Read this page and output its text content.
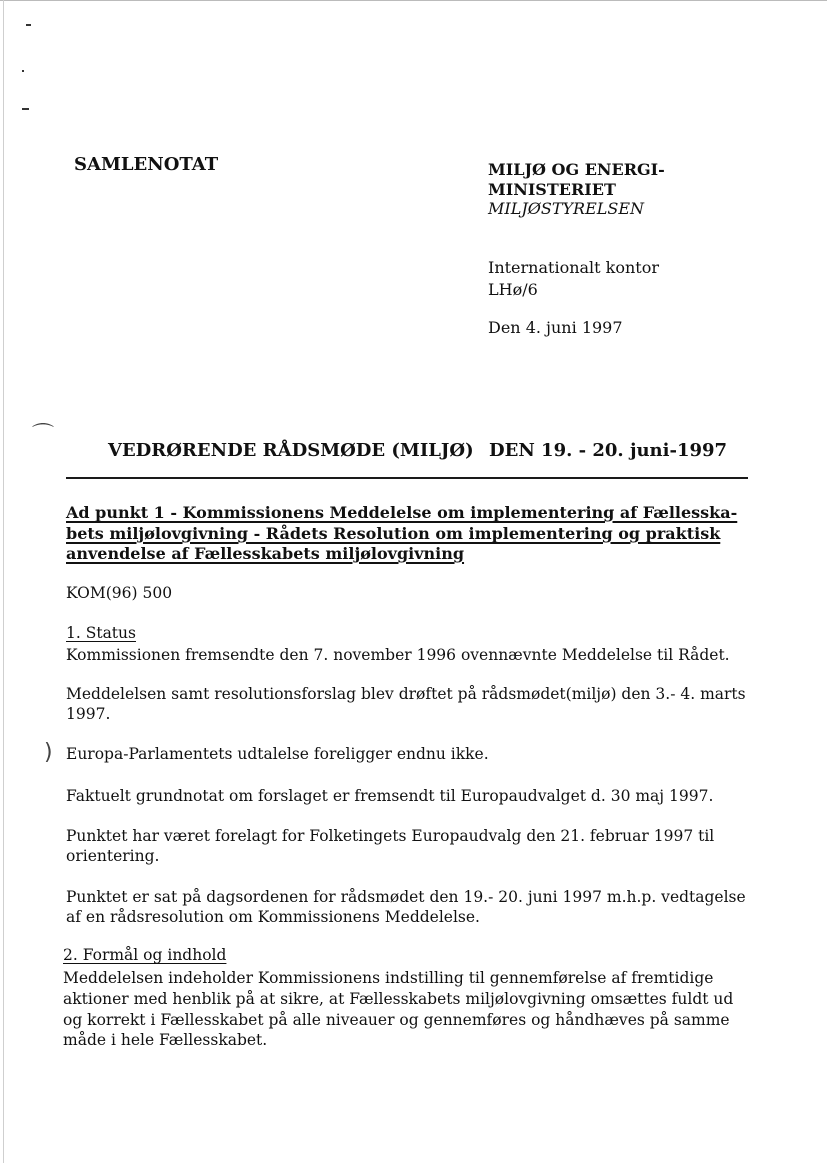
⌒
)
SAMLENOTAT	MILJØ OG ENERGI-
MINISTERIET
MILJØSTYRELSEN
Internationalt kontor
LHø/6
Den 4. juni 1997
VEDRØRENDE RÅDSMØDE (MILJØ) DEN 19. - 20. juni-1997
Ad punkt 1 - Kommissionens Meddelelse om implementering af Fællesska-
bets miljølovgivning - Rådets Resolution om implementering og praktisk
anvendelse af Fællesskabets miljølovgivning
KOM(96) 500
1. Status
Kommissionen fremsendte den 7. november 1996 ovennævnte Meddelelse til Rådet.
Meddelelsen samt resolutionsforslag blev drøftet på rådsmødet(miljø) den 3.- 4. marts
1997.
Europa-Parlamentets udtalelse foreligger endnu ikke.
Faktuelt grundnotat om forslaget er fremsendt til Europaudvalget d. 30 maj 1997.
Punktet har været forelagt for Folketingets Europaudvalg den 21. februar 1997 til
orientering.
Punktet er sat på dagsordenen for rådsmødet den 19.- 20. juni 1997 m.h.p. vedtagelse
af en rådsresolution om Kommissionens Meddelelse.
2. Formål og indhold
Meddelelsen indeholder Kommissionens indstilling til gennemførelse af fremtidige
aktioner med henblik på at sikre, at Fællesskabets miljølovgivning omsættes fuldt ud
og korrekt i Fællesskabet på alle niveauer og gennemføres og håndhæves på samme
måde i hele Fællesskabet.
